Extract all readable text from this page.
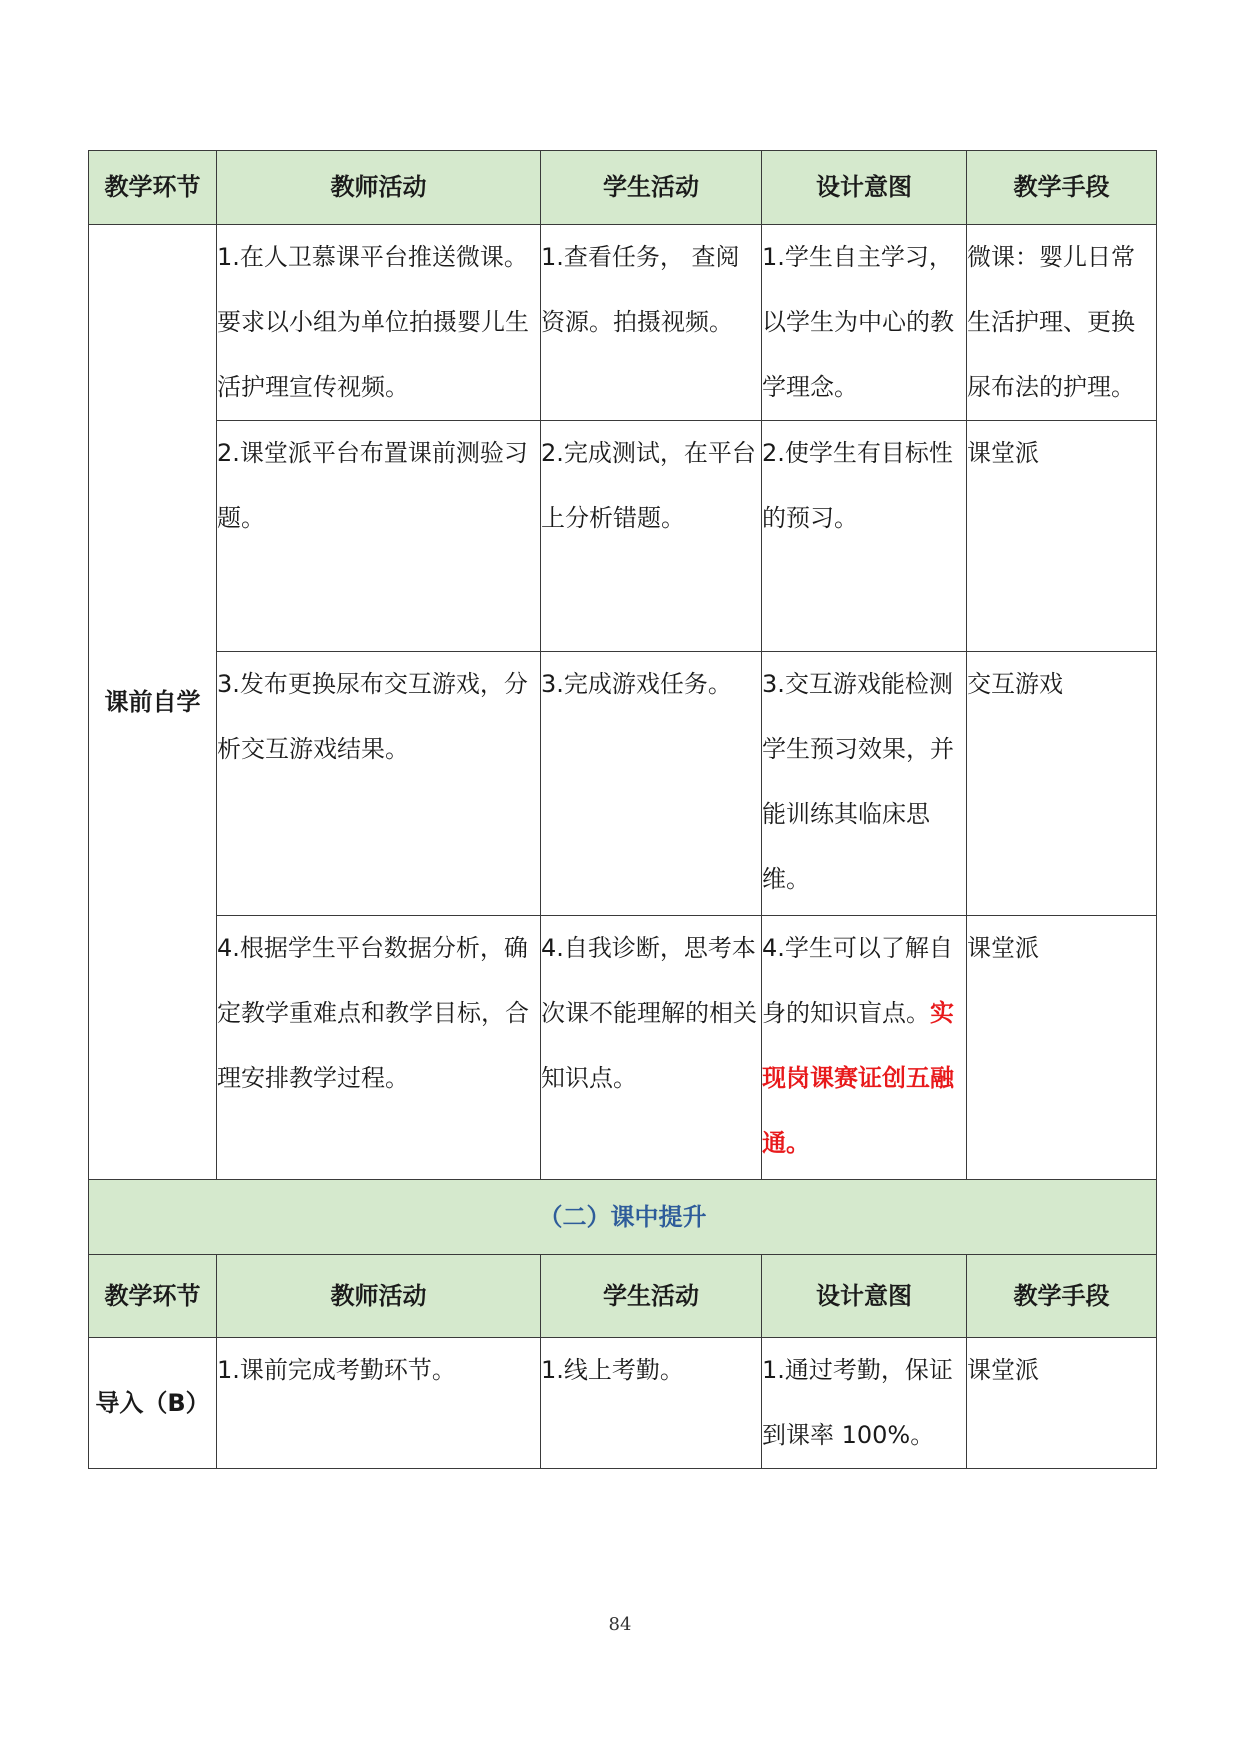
教学环节	教师活动	学生活动	设计意图	教学手段
课前自学	1.在人卫慕课平台推送微课。要求以小组为单位拍摄婴儿生活护理宣传视频。	1.查看任务， 查阅资源。拍摄视频。	1.学生自主学习，以学生为中心的教学理念。	微课：婴儿日常生活护理、更换尿布法的护理。
	2.课堂派平台布置课前测验习题。	2.完成测试，在平台上分析错题。	2.使学生有目标性的预习。	课堂派
	3.发布更换尿布交互游戏，分析交互游戏结果。	3.完成游戏任务。	3.交互游戏能检测学生预习效果，并能训练其临床思维。	交互游戏
	4.根据学生平台数据分析，确定教学重难点和教学目标，合理安排教学过程。	4.自我诊断，思考本次课不能理解的相关知识点。	4.学生可以了解自身的知识盲点。实现岗课赛证创五融通。	课堂派
（二）课中提升				
教学环节	教师活动	学生活动	设计意图	教学手段
导入（B）	1.课前完成考勤环节。	1.线上考勤。	1.通过考勤，保证到课率 100%。	课堂派
84
